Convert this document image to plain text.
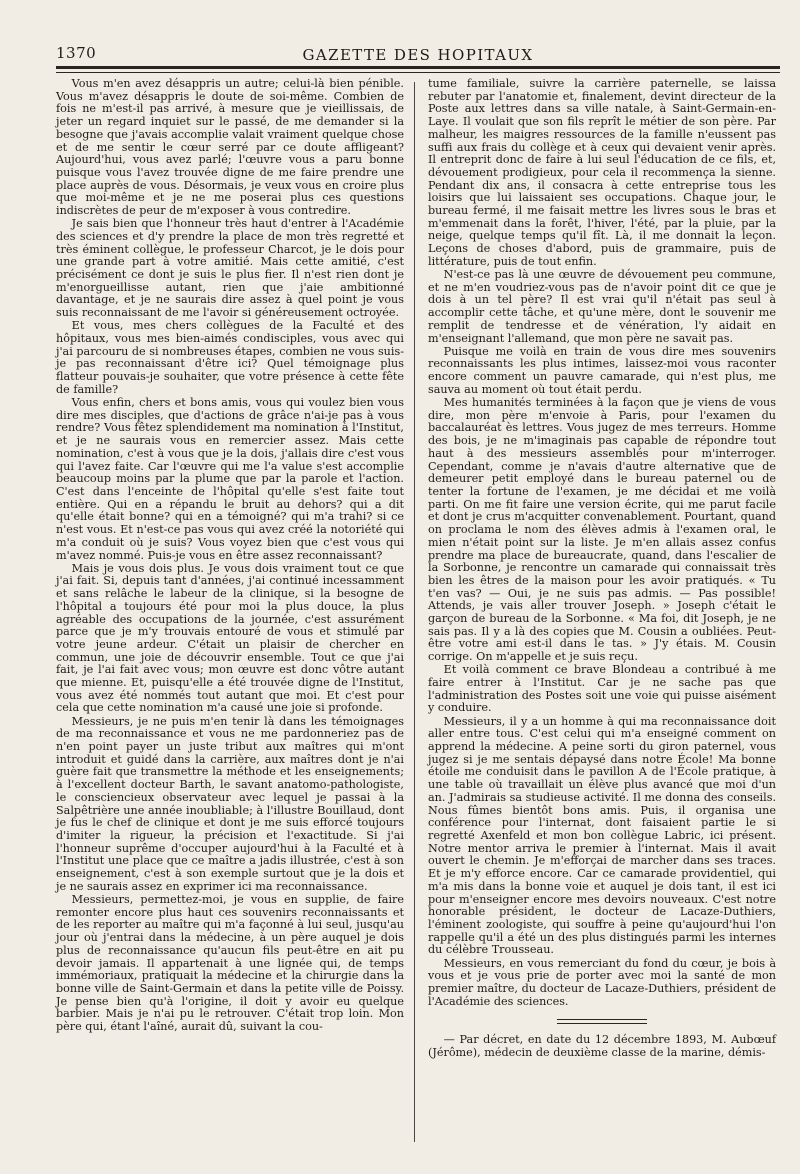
1370	GAZETTE DES HOPITAUX

Vous m'en avez désappris un autre; celui-là bien pénible. Vous m'avez désappris le doute de soi-même. Combien de fois ne m'est-il pas arrivé, à mesure que je vieillissais, de jeter un regard inquiet sur le passé, de me demander si la besogne que j'avais accomplie valait vraiment quelque chose et de me sentir le cœur serré par ce doute affligeant? Aujourd'hui, vous avez parlé; l'œuvre vous a paru bonne puisque vous l'avez trouvée digne de me faire prendre une place auprès de vous. Désormais, je veux vous en croire plus que moi-même et je ne me poserai plus ces questions indiscrètes de peur de m'exposer à vous contredire.

Je sais bien que l'honneur très haut d'entrer à l'Académie des sciences et d'y prendre la place de mon très regretté et très éminent collègue, le professeur Charcot, je le dois pour une grande part à votre amitié. Mais cette amitié, c'est précisément ce dont je suis le plus fier. Il n'est rien dont je m'enorgueillisse autant, rien que j'aie ambitionné davantage, et je ne saurais dire assez à quel point je vous suis reconnaissant de me l'avoir si généreusement octroyée.

Et vous, mes chers collègues de la Faculté et des hôpitaux, vous mes bien-aimés condisciples, vous avec qui j'ai parcouru de si nombreuses étapes, combien ne vous suis-je pas reconnaissant d'être ici? Quel témoignage plus flatteur pouvais-je souhaiter, que votre présence à cette fête de famille?

Vous enfin, chers et bons amis, vous qui voulez bien vous dire mes disciples, que d'actions de grâce n'ai-je pas à vous rendre? Vous fêtez splendidement ma nomination à l'Institut, et je ne saurais vous en remercier assez. Mais cette nomination, c'est à vous que je la dois, j'allais dire c'est vous qui l'avez faite. Car l'œuvre qui me l'a value s'est accomplie beaucoup moins par la plume que par la parole et l'action. C'est dans l'enceinte de l'hôpital qu'elle s'est faite tout entière. Qui en a répandu le bruit au dehors? qui a dit qu'elle était bonne? qui en a témoigné? qui m'a trahi? si ce n'est vous. Et n'est-ce pas vous qui avez créé la notoriété qui m'a conduit où je suis? Vous voyez bien que c'est vous qui m'avez nommé. Puis-je vous en être assez reconnaissant?

Mais je vous dois plus. Je vous dois vraiment tout ce que j'ai fait. Si, depuis tant d'années, j'ai continué incessamment et sans relâche le labeur de la clinique, si la besogne de l'hôpital a toujours été pour moi la plus douce, la plus agréable des occupations de la journée, c'est assurément parce que je m'y trouvais entouré de vous et stimulé par votre jeune ardeur. C'était un plaisir de chercher en commun, une joie de découvrir ensemble. Tout ce que j'ai fait, je l'ai fait avec vous; mon œuvre est donc vôtre autant que mienne. Et, puisqu'elle a été trouvée digne de l'Institut, vous avez été nommés tout autant que moi. Et c'est pour cela que cette nomination m'a causé une joie si profonde.

Messieurs, je ne puis m'en tenir là dans les témoignages de ma reconnaissance et vous ne me pardonneriez pas de n'en point payer un juste tribut aux maîtres qui m'ont introduit et guidé dans la carrière, aux maîtres dont je n'ai guère fait que transmettre la méthode et les enseignements; à l'excellent docteur Barth, le savant anatomo-pathologiste, le consciencieux observateur avec lequel je passai à la Salpêtrière une année inoubliable; à l'illustre Bouillaud, dont je fus le chef de clinique et dont je me suis efforcé toujours d'imiter la rigueur, la précision et l'exactitude. Si j'ai l'honneur suprême d'occuper aujourd'hui à la Faculté et à l'Institut une place que ce maître a jadis illustrée, c'est à son enseignement, c'est à son exemple surtout que je la dois et je ne saurais assez en exprimer ici ma reconnaissance.

Messieurs, permettez-moi, je vous en supplie, de faire remonter encore plus haut ces souvenirs reconnaissants et de les reporter au maître qui m'a façonné à lui seul, jusqu'au jour où j'entrai dans la médecine, à un père auquel je dois plus de reconnaissance qu'aucun fils peut-être en ait pu devoir jamais. Il appartenait à une lignée qui, de temps immémoriaux, pratiquait la médecine et la chirurgie dans la bonne ville de Saint-Germain et dans la petite ville de Poissy. Je pense bien qu'à l'origine, il doit y avoir eu quelque barbier. Mais je n'ai pu le retrouver. C'était trop loin. Mon père qui, étant l'aîné, aurait dû, suivant la cou-

tume familiale, suivre la carrière paternelle, se laissa rebuter par l'anatomie et, finalement, devint directeur de la Poste aux lettres dans sa ville natale, à Saint-Germain-en-Laye. Il voulait que son fils reprît le métier de son père. Par malheur, les maigres ressources de la famille n'eussent pas suffi aux frais du collège et à ceux qui devaient venir après. Il entreprit donc de faire à lui seul l'éducation de ce fils, et, dévouement prodigieux, pour cela il recommença la sienne. Pendant dix ans, il consacra à cette entreprise tous les loisirs que lui laissaient ses occupations. Chaque jour, le bureau fermé, il me faisait mettre les livres sous le bras et m'emmenait dans la forêt, l'hiver, l'été, par la pluie, par la neige, quelque temps qu'il fît. Là, il me donnait la leçon. Leçons de choses d'abord, puis de grammaire, puis de littérature, puis de tout enfin.

N'est-ce pas là une œuvre de dévouement peu commune, et ne m'en voudriez-vous pas de n'avoir point dit ce que je dois à un tel père? Il est vrai qu'il n'était pas seul à accomplir cette tâche, et qu'une mère, dont le souvenir me remplit de tendresse et de vénération, l'y aidait en m'enseignant l'allemand, que mon père ne savait pas.

Puisque me voilà en train de vous dire mes souvenirs reconnaissants les plus intimes, laissez-moi vous raconter encore comment un pauvre camarade, qui n'est plus, me sauva au moment où tout était perdu.

Mes humanités terminées à la façon que je viens de vous dire, mon père m'envoie à Paris, pour l'examen du baccalauréat ès lettres. Vous jugez de mes terreurs. Homme des bois, je ne m'imaginais pas capable de répondre tout haut à des messieurs assemblés pour m'interroger. Cependant, comme je n'avais d'autre alternative que de demeurer petit employé dans le bureau paternel ou de tenter la fortune de l'examen, je me décidai et me voilà parti. On me fit faire une version écrite, qui me parut facile et dont je crus m'acquitter convenablement. Pourtant, quand on proclama le nom des élèves admis à l'examen oral, le mien n'était point sur la liste. Je m'en allais assez confus prendre ma place de bureaucrate, quand, dans l'escalier de la Sorbonne, je rencontre un camarade qui connaissait très bien les êtres de la maison pour les avoir pratiqués. « Tu t'en vas? — Oui, je ne suis pas admis. — Pas possible! Attends, je vais aller trouver Joseph. » Joseph c'était le garçon de bureau de la Sorbonne. « Ma foi, dit Joseph, je ne sais pas. Il y a là des copies que M. Cousin a oubliées. Peut-être votre ami est-il dans le tas. » J'y étais. M. Cousin corrige. On m'appelle et je suis reçu.

Et voilà comment ce brave Blondeau a contribué à me faire entrer à l'Institut. Car je ne sache pas que l'administration des Postes soit une voie qui puisse aisément y conduire.

Messieurs, il y a un homme à qui ma reconnaissance doit aller entre tous. C'est celui qui m'a enseigné comment on apprend la médecine. A peine sorti du giron paternel, vous jugez si je me sentais dépaysé dans notre École! Ma bonne étoile me conduisit dans le pavillon A de l'École pratique, à une table où travaillait un élève plus avancé que moi d'un an. J'admirais sa studieuse activité. Il me donna des conseils. Nous fûmes bientôt bons amis. Puis, il organisa une conférence pour l'internat, dont faisaient partie le si regretté Axenfeld et mon bon collègue Labric, ici présent. Notre mentor arriva le premier à l'internat. Mais il avait ouvert le chemin. Je m'efforçai de marcher dans ses traces. Et je m'y efforce encore. Car ce camarade providentiel, qui m'a mis dans la bonne voie et auquel je dois tant, il est ici pour m'enseigner encore mes devoirs nouveaux. C'est notre honorable président, le docteur de Lacaze-Duthiers, l'éminent zoologiste, qui souffre à peine qu'aujourd'hui l'on rappelle qu'il a été un des plus distingués parmi les internes du célèbre Trousseau.

Messieurs, en vous remerciant du fond du cœur, je bois à vous et je vous prie de porter avec moi la santé de mon premier maître, du docteur de Lacaze-Duthiers, président de l'Académie des sciences.

— Par décret, en date du 12 décembre 1893, M. Aubœuf (Jérôme), médecin de deuxième classe de la marine, démis-
